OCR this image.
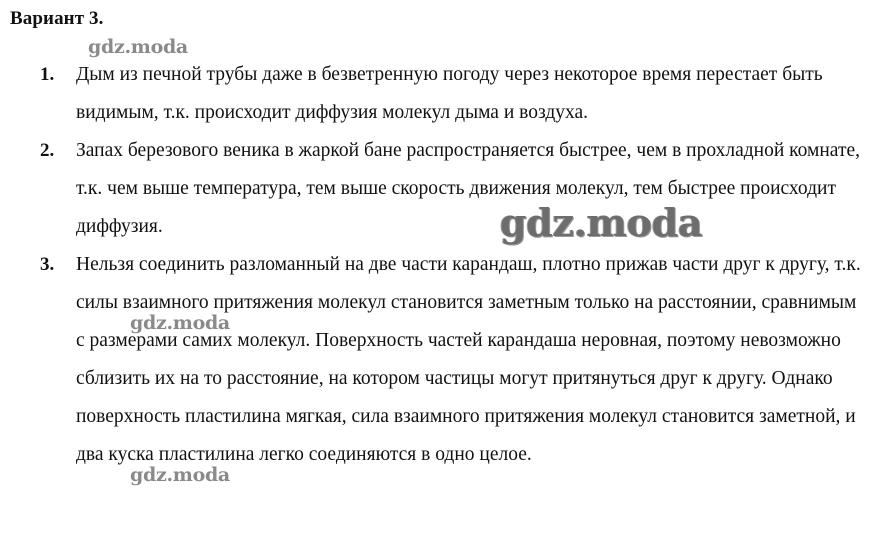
Вариант 3.
1.	Дым из печной трубы даже в безветренную погоду через некоторое время перестает быть видимым, т.к. происходит диффузия молекул дыма и воздуха.
2.	Запах березового веника в жаркой бане распространяется быстрее, чем в прохладной комнате, т.к. чем выше температура, тем выше скорость движения молекул, тем быстрее происходит диффузия.
3.	Нельзя соединить разломанный на две части карандаш, плотно прижав части друг к другу, т.к. силы взаимного притяжения молекул становится заметным только на расстоянии, сравнимым с размерами самих молекул. Поверхность частей карандаша неровная, поэтому невозможно сблизить их на то расстояние, на котором частицы могут притянуться друг к другу. Однако поверхность пластилина мягкая, сила взаимного притяжения молекул становится заметной, и два куска пластилина легко соединяются в одно целое.
gdz.moda
gdz.moda
gdz.moda
gdz.moda
